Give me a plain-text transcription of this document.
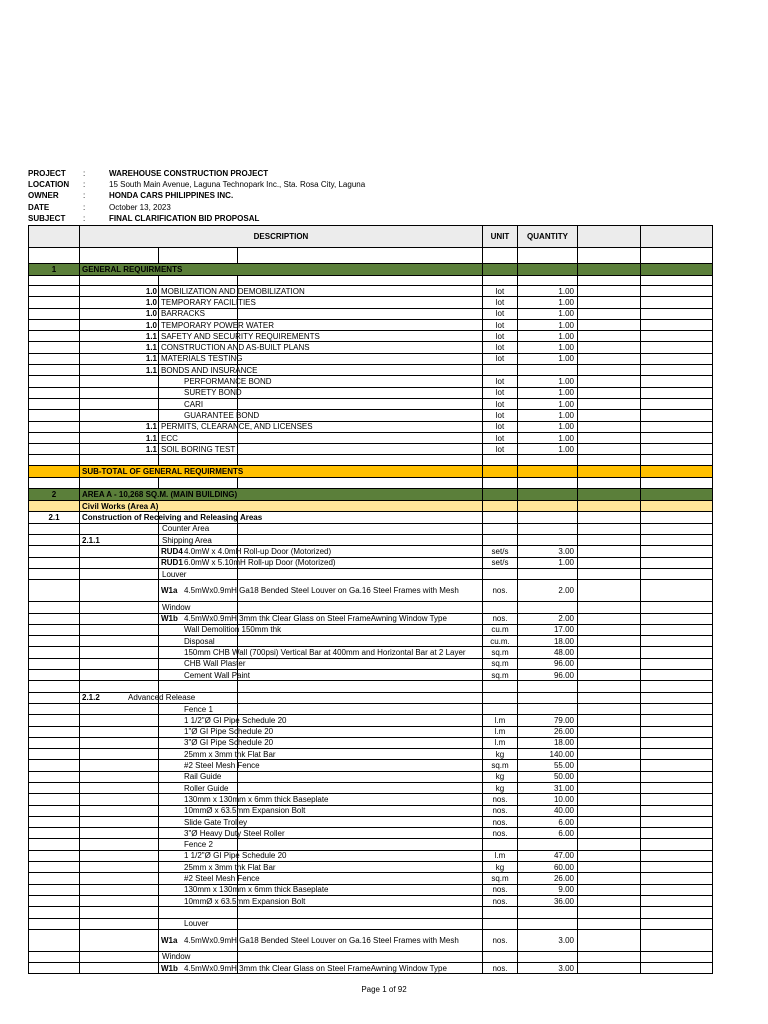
PROJECT :	WAREHOUSE CONSTRUCTION PROJECT
LOCATION :	15 South Main Avenue, Laguna Technopark Inc., Sta. Rosa City, Laguna
OWNER	:	HONDA CARS PHILIPPINES INC.
DATE	:	October 13, 2023
SUBJECT :	FINAL CLARIFICATION BID PROPOSAL
DESCRIPTION	UNIT	QUANTITY
1	GENERAL REQUIRMENTS
1.0 MOBILIZATION AND DEMOBILIZATION	lot	1.00
1.0 TEMPORARY FACILITIES	lot	1.00
1.0 BARRACKS	lot	1.00
1.0 TEMPORARY POWER WATER	lot	1.00
1.1 SAFETY AND SECURITY REQUIREMENTS	lot	1.00
1.1 CONSTRUCTION AND AS-BUILT PLANS	lot	1.00
1.1 MATERIALS TESTING	lot	1.00
1.1 BONDS AND INSURANCE
PERFORMANCE BOND	lot	1.00
SURETY BOND	lot	1.00
CARI	lot	1.00
GUARANTEE BOND	lot	1.00
1.1 PERMITS, CLEARANCE, AND LICENSES	lot	1.00
1.1 ECC	lot	1.00
1.1 SOIL BORING TEST	lot	1.00
SUB-TOTAL OF GENERAL REQUIRMENTS
2	AREA A - 10,268 SQ.M. (MAIN BUILDING)
Civil Works (Area A)
2.1	Construction of Receiving and Releasing Areas
Counter Area
2.1.1	Shipping Area
RUD4 4.0mW x 4.0mH Roll-up Door (Motorized)	set/s	3.00
RUD1 6.0mW x 5.10mH Roll-up Door (Motorized)	set/s	1.00
Louver
W1a 4.5mWx0.9mH Ga18 Bended Steel Louver on Ga.16 Steel Frames with Mesh	nos.	2.00
Window
W1b 4.5mWx0.9mH 3mm thk Clear Glass on Steel FrameAwning Window Type	nos.	2.00
Wall Demolition 150mm thk	cu.m	17.00
Disposal	cu.m.	18.00
150mm CHB Wall (700psi) Vertical Bar at 400mm and Horizontal Bar at 2 Layer	sq.m	48.00
CHB Wall Plaster	sq.m	96.00
Cement Wall Paint	sq.m	96.00
2.1.2	Advanced Release
Fence 1
1 1/2"Ø GI Pipe Schedule 20	l.m	79.00
1"Ø GI Pipe Schedule 20	l.m	26.00
3"Ø GI Pipe Schedule 20	l.m	18.00
25mm x 3mm thk Flat Bar	kg	140.00
#2 Steel Mesh Fence	sq.m	55.00
Rail Guide	kg	50.00
Roller Guide	kg	31.00
130mm x 130mm x 6mm thick Baseplate	nos.	10.00
10mmØ x 63.5mm Expansion Bolt	nos.	40.00
Slide Gate Trolley	nos.	6.00
3"Ø Heavy Duty Steel Roller	nos.	6.00
Fence 2
1 1/2"Ø GI Pipe Schedule 20	l.m	47.00
25mm x 3mm thk Flat Bar	kg	60.00
#2 Steel Mesh Fence	sq.m	26.00
130mm x 130mm x 6mm thick Baseplate	nos.	9.00
10mmØ x 63.5mm Expansion Bolt	nos.	36.00
Louver
W1a 4.5mWx0.9mH Ga18 Bended Steel Louver on Ga.16 Steel Frames with Mesh	nos.	3.00
Window
W1b 4.5mWx0.9mH 3mm thk Clear Glass on Steel FrameAwning Window Type	nos.	3.00
Page 1 of 92
